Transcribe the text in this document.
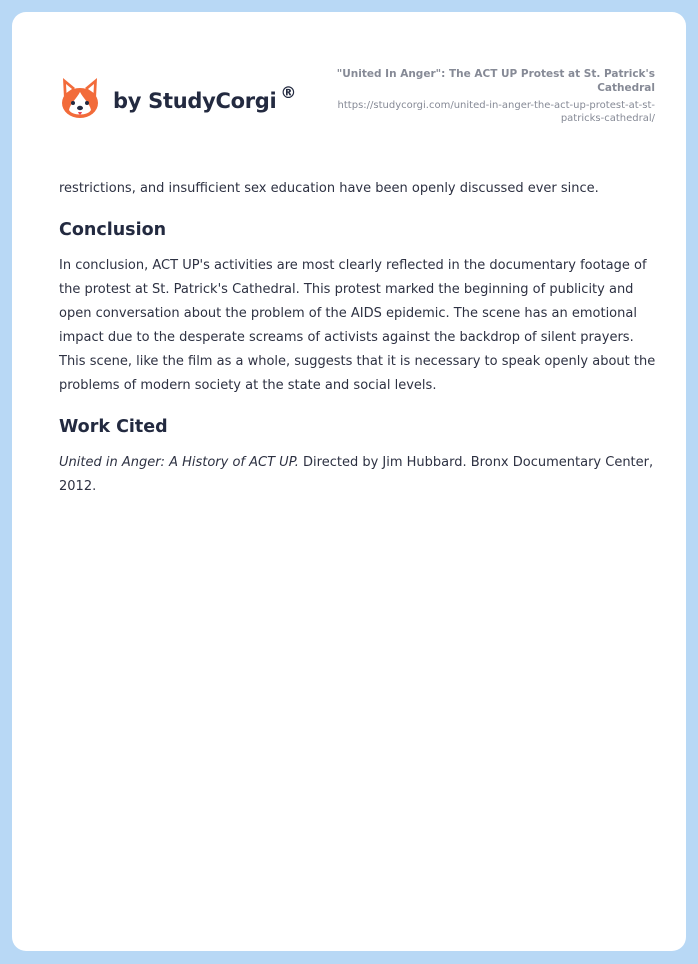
by StudyCorgi ®
"United In Anger": The ACT UP Protest at St. Patrick's Cathedral
https://studycorgi.com/united-in-anger-the-act-up-protest-at-st-patricks-cathedral/

restrictions, and insufficient sex education have been openly discussed ever since.

Conclusion

In conclusion, ACT UP's activities are most clearly reflected in the documentary footage of the protest at St. Patrick's Cathedral. This protest marked the beginning of publicity and open conversation about the problem of the AIDS epidemic. The scene has an emotional impact due to the desperate screams of activists against the backdrop of silent prayers. This scene, like the film as a whole, suggests that it is necessary to speak openly about the problems of modern society at the state and social levels.

Work Cited

United in Anger: A History of ACT UP. Directed by Jim Hubbard. Bronx Documentary Center, 2012.
